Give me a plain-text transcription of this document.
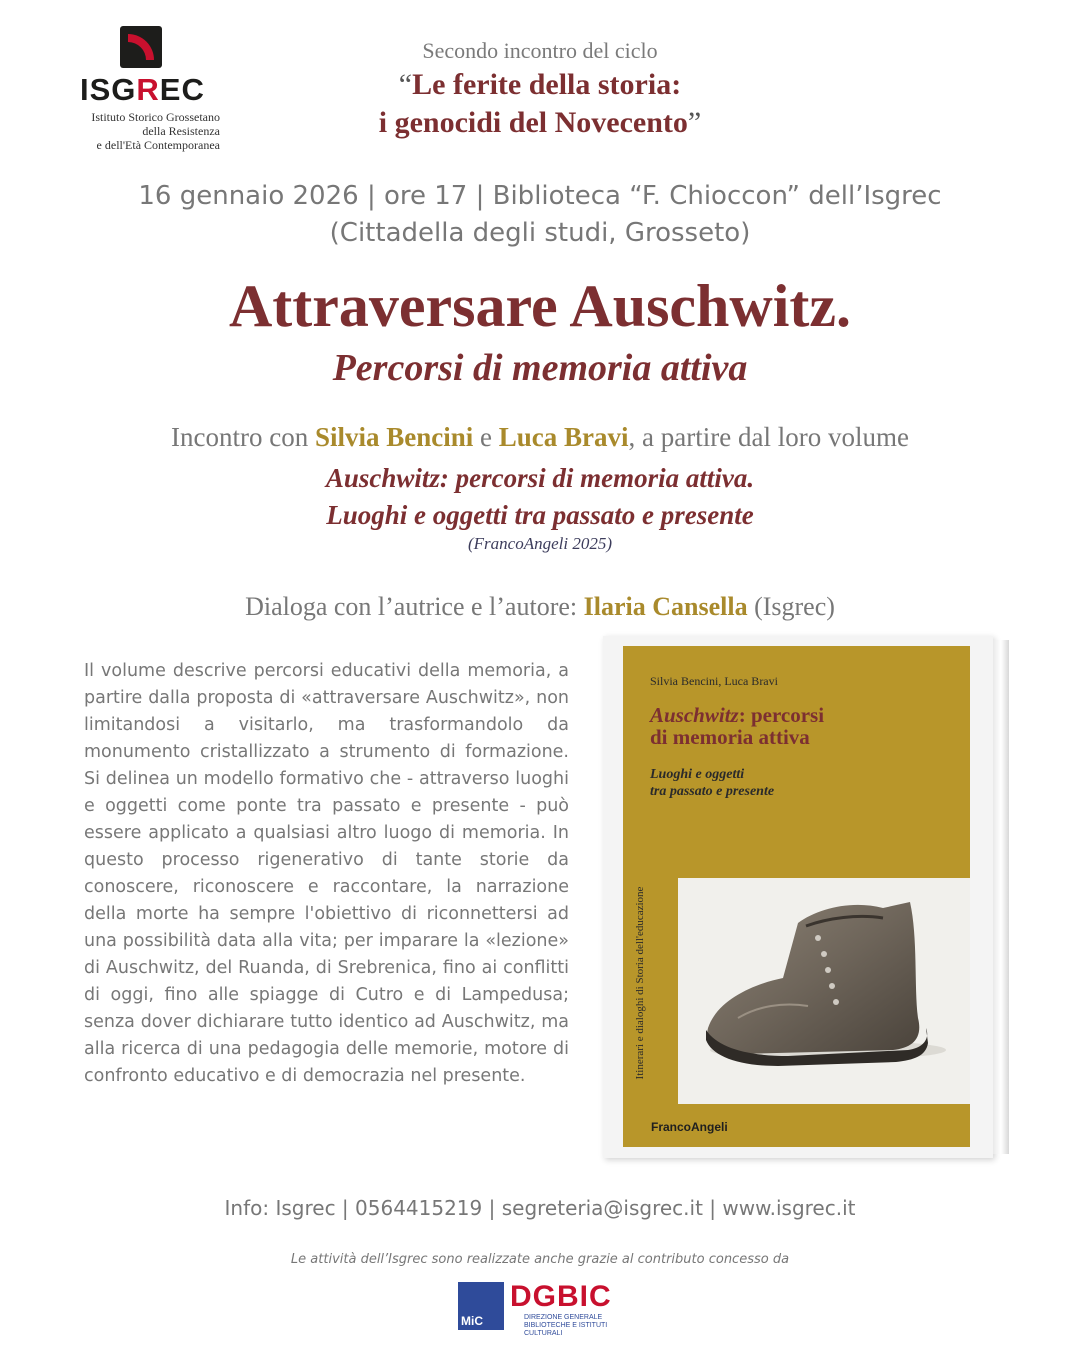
ISGREC
Istituto Storico Grossetano
della Resistenza
e dell'Età Contemporanea
Secondo incontro del ciclo
“Le ferite della storia:
i genocidi del Novecento”
16 gennaio 2026 | ore 17 | Biblioteca “F. Chioccon” dell’Isgrec
(Cittadella degli studi, Grosseto)
Attraversare Auschwitz.
Percorsi di memoria attiva
Incontro con Silvia Bencini e Luca Bravi, a partire dal loro volume
Auschwitz: percorsi di memoria attiva.
Luoghi e oggetti tra passato e presente
(FrancoAngeli 2025)
Dialoga con l’autrice e l’autore: Ilaria Cansella (Isgrec)
Il volume descrive percorsi educativi della memoria, a partire dalla proposta di «attraversare Auschwitz», non limitandosi a visitarlo, ma trasformandolo da monumento cristallizzato a strumento di formazione. Si delinea un modello formativo che - attraverso luoghi e oggetti come ponte tra passato e presente - può essere applicato a qualsiasi altro luogo di memoria. In questo processo rigenerativo di tante storie da conoscere, riconoscere e raccontare, la narrazione della morte ha sempre l'obiettivo di riconnettersi ad una possibilità data alla vita; per imparare la «lezione» di Auschwitz, del Ruanda, di Srebrenica, fino ai conflitti di oggi, fino alle spiagge di Cutro e di Lampedusa; senza dover dichiarare tutto identico ad Auschwitz, ma alla ricerca di una pedagogia delle memorie, motore di confronto educativo e di democrazia nel presente.
Silvia Bencini, Luca Bravi
Auschwitz: percorsi
di memoria attiva
Luoghi e oggetti
tra passato e presente
Itinerari e dialoghi di Storia dell'educazione
FrancoAngeli
Info: Isgrec | 0564415219 | segreteria@isgrec.it | www.isgrec.it
Le attività dell’Isgrec sono realizzate anche grazie al contributo concesso da
MiC
DGBIC
DIREZIONE GENERALE
BIBLIOTECHE E ISTITUTI CULTURALI
